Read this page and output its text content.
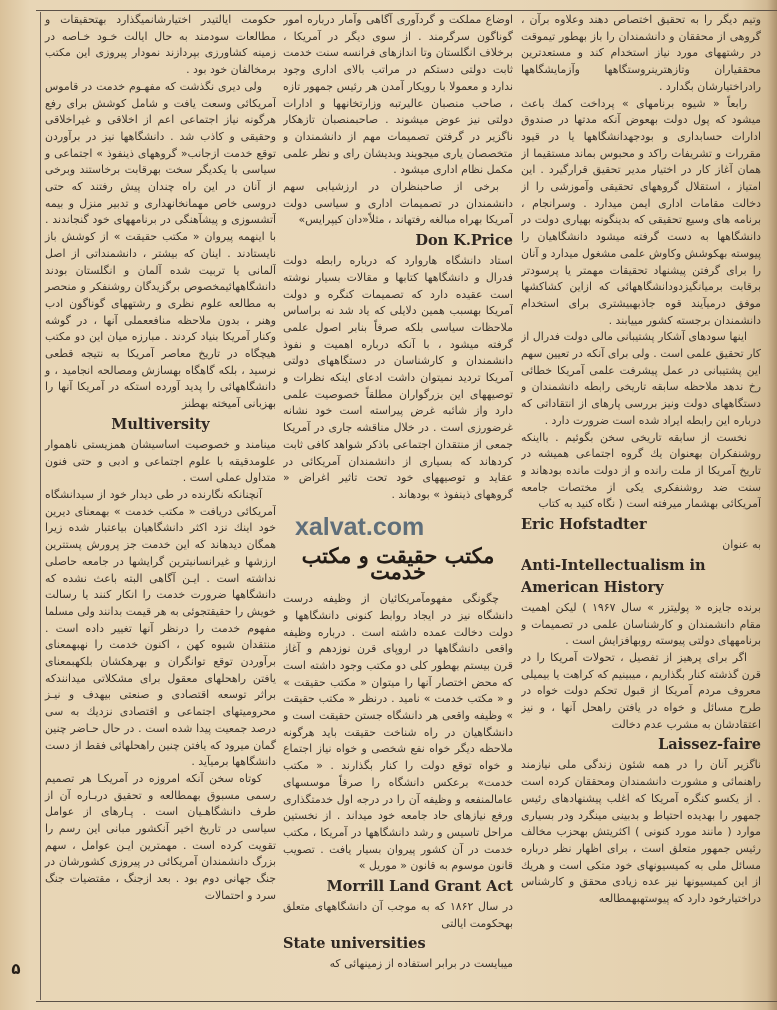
وتیم دیگر را به تحقیق اختصاص دهند وعلاوه برآن ، گروهی از محققان و دانشمندان را باز بهطور تیموقت در رشتههای مورد نیاز استخدام کند و مستعدترین محققیاران وتازهترینروستگاهها وآزمایشگاهها رادراختیارشان بگدارد .

رابعاً « شیوه برنامهای » پرداخت کمك باعث میشود که پول دولت بهعوض آنکه مدتها در صندوق ادارات حسابداری و بودجهدانشگاهها یا در قیود مقررات و تشریفات راکد و محبوس بماند مستقیما از همان آغاز کار در اختیار مدیر تحقیق قرارگیرد . این امتیاز ، استقلال گروههای تحقیقی وآموزشی را از دخالت مقامات اداری ایمن میدارد . وسرانجام ، برنامه های وسیع تحقیقی که بدینگونه بهیاری دولت در دانشگاهها به دست گرفته میشود دانشگاهیان را پیوسته بهکوشش وکاوش علمی مشغول میدارد و آنان را برای گرفتن پیشنهاد تحقیقات مهمتر یا پرسودتر برقابت برمیانگیزدودانشگاههائی که ازاین کشاکشها موفق درمیآیند قوه جاذبهبیشتری برای استخدام دانشمندان برجسته کشور مییابند .

اینها سودهای آشکار پشتیبانی مالی دولت فدرال از کار تحقیق علمی است . ولی برای آنکه در تعیین سهم این پشتیبانی در عمل پیشرفت علمی آمریکا خطائی رخ ندهد ملاحظه سابقه تاریخی رابطه دانشمندان و دستگاههای دولت ونیز بررسی پارهای از انتقاداتی که درباره این رابطه ایراد شده است ضرورت دارد .

نخست از سابقه تاریخی سخن بگوئیم . بااینکه روشنفکران بهعنوان یك گروه اجتماعی همیشه در تاریخ آمریکا از ملت رانده و از دولت مانده بودهاند و سنت ضد روشنفکری یکی از مختصات جامعه آمریکائی بهشمار میرفته است ( نگاه کنید به کتاب

Eric Hofstadter

به عنوان

Anti-Intellectualism in
American History

برنده جایزه « پولیتزر » سال ۱۹۶۷ ) لیکن اهمیت مقام دانشمندان و کارشناسان علمی در تصمیمات و برنامههای دولتی پیوسته روبهافزایش است .

اگر برای پرهیز از تفصیل ، تحولات آمریکا را در قرن گذشته کنار بگذاریم ، میبینیم که کراهت یا بیمیلی معروف مردم آمریکا از قبول تحکم دولت خواه در طرح مسائل و خواه در یافتن راهحل آنها ، و نیز اعتقادشان به مشرب عدم دخالت

Laissez-faire

ناگزیر آنان را در همه شئون زندگی ملی نیازمند راهنمائی و مشورت دانشمندان ومحققان کرده است . از یکسو کنگره آمریکا که اغلب پیشنهادهای رئیس جمهور را بهدیده احتیاط و بدبینی مینگرد ودر بسیاری موارد ( مانند مورد کنونی ) اکثریتش بهحزب مخالف رئیس جمهور متعلق است ، برای اظهار نظر درباره مسائل ملی به کمیسیونهای خود متکی است و هریك از این کمیسیونها نیز عده زیادی محقق و کارشناس دراختیارخود دارد که پیوستهبهمطالعه

اوضاع مملکت و گردآوری آگاهی وآمار درباره امور گوناگون سرگرمند . از سوی دیگر در آمریکا ، برخلاف انگلستان وتا اندازهای فرانسه سنت خدمت ثابت دولتی دستکم در مراتب بالای اداری وجود ندارد و معمولا با رویکار آمدن هر رئیس جمهور تازه ، صاحب منصبان عالیرتبه وزارتخانهها و ادارات دولتی نیز عوض میشوند . صاحبمنصبان تازهکار ناگزیر در گرفتن تصمیمات مهم از دانشمندان و متخصصان یاری میجویند وبدیشان رای و نظر علمی مکمل نظام اداری میشود .

برخی از صاحبنظران در ارزشیابی سهم دانشمندان در تصمیمات اداری و سیاسی دولت آمریکا بهراه مبالغه رفتهاند ، مثلاً«دان کیپرایس»

Don K.Price

استاد دانشگاه هاروارد که درباره رابطه دولت فدرال و دانشگاهها کتابها و مقالات بسیار نوشته است عقیده دارد که تصمیمات کنگره و دولت آمریکا بهسبب همین دلایلی که یاد شد نه براساس ملاحظات سیاسی بلکه صرفاً بنابر اصول علمی گرفته میشود ، با آنکه درباره اهمیت و نفوذ دانشمندان و کارشناسان در دستگاههای دولتی آمریکا تردید نمیتوان داشت ادعای اینکه نظرات و توصیههای این بزرگواران مطلقاً خصوصیت علمی دارد واز شائبه غرض پیراسته است خود نشانه غرضورزی است . در خلال مناقشه جاری در آمریکا جمعی از منتقدان اجتماعی باذکر شواهد کافی ثابت کردهاند که بسیاری از دانشمندان آمریکائی در عقاید و توصیههای خود تحت تاثیر اغراض « گروههای ذینفوذ » بودهاند .

xalvat.com
مکتب حقیقت و مکتب خدمت

چگونگی مفهومآمریکائیان از وظیفه درست دانشگاه نیز در ایجاد روابط کنونی دانشگاهها و دولت دخالت عمده داشته است . درباره وظیفه واقعی دانشگاهها در اروپای قرن نوزدهم و آغاز قرن بیستم بهطور کلی دو مکتب وجود داشته است که محض اختصار آنها را میتوان « مکتب حقیقت » و « مکتب خدمت » نامید . درنظر « مکتب حقیقت » وظیفه واقعی هر دانشگاه جستن حقیقت است و دانشگاهیان در راه شناخت حقیقت باید هرگونه ملاحظه دیگر خواه نفع شخصی و خواه نیاز اجتماع و خواه توقع دولت را کنار بگذارند . « مکتب خدمت» برعکس دانشگاه را صرفاً موسسهای عامالمنفعه و وظیفه آن را در درجه اول خدمتگذاری ورفع نیازهای حاد جامعه خود میداند . از نخستین مراحل تاسیس و رشد دانشگاهها در آمریکا ، مکتب خدمت در آن کشور پیروان بسیار یافت . تصویب قانون موسوم به قانون « موریل »

Morrill Land Grant Act

در سال ۱۸۶۲ که به موجب آن دانشگاههای متعلق بهحکومت ایالتی

State universities

میبایست در برابر استفاده از زمینهائی که

حکومت ایالتیدر اختیارشانمیگذارد بهتحقیقات و مطالعات سودمند به حال ایالت خـود خـاصه در زمینه کشاورزی بپردازند نمودار پیروزی این مکتب برمخالفان خود بود .

ولی دیری نگذشت که مفهـوم خدمت در قاموس آمریکائی وسعت یافت و شامل کوشش برای رفع هرگونه نیاز اجتماعی اعم از اخلاقی و غیراخلاقی وحقیقی و کاذب شد . دانشگاهها نیز در برآوردن توقع خدمت ازجانب« گروههای ذینفوذ » اجتماعی و سیاسی با یکدیگر سخت بهرقابت برخاستند وبرخی از آنان در این راه چندان پیش رفتند که حتی دروسی خاص مهمانخانهداری و تدبیر منزل و بیمه آتشسوزی و پیشآهنگی در برنامههای خود گنجاندند . با اینهمه پیروان « مکتب حقیقت » از کوشش باز نایستادند . اینان که بیشتر ، دانشمنداتی از اصل آلمانی یا تربیت شده آلمان و انگلستان بودند دانشگاههائیمخصوص برگزیدگان روشنفکر و منحصر به مطالعه علوم نظری و رشتههای گوناگون ادب وهنر ، بدون ملاحظه منافععملی آنها ، در گوشه وکنار آمریکا بنیاد کردند . مبارزه میان این دو مکتب هیچگاه در تاریخ معاصر آمریکا به نتیجه قطعی نرسید ، بلکه گاهگاه بهسازش ومصالحه انجامید ، و دانشگاههائی را پدید آورده استکه در آمریکا آنها را بهزبانی آمیخته بهطنز

Multiversity

مینامند و خصوصیت اساسیشان همزیستی ناهموار علومدقیقه با علوم اجتماعی و ادبی و حتی فنون متداول عملی است .

آنچنانکه نگارنده در طی دیدار خود از سیدانشگاه آمریکائی دریافت « مکتب خدمت » بهمعنای دیرین خود اینك نزد اکثر دانشگاهیان بیاعتبار شده زیرا همگان دیدهاند که این خدمت جز پرورش پستترین ارزشها و غیرانسانیترین گرایشها در جامعه حاصلی نداشته است . ایـن آگاهی البته باعث نشده که دانشگاهها ضرورت خدمت را انکار کنند یا رسالت خویش را حقیقتجوئی به هر قیمت بدانند ولی مسلما مفهوم خدمت را درنظر آنها تغییر داده است . منتقدان شیوه کهن ، اکنون خدمت را نهبهمعنای برآوردن توقع توانگران و بهرهکشان بلکهبمعنای یافتن راهحلهای معقول برای مشکلاتی میدانندکه براثر توسعه اقتصادی و صنعتی بیهدف و نیـز محرومیتهای اجتماعی و اقتصادی نزدیك به سی درصد جمعیت پیدا شده است . در حال حـاضر چنین گمان میرود که یافتن چنین راهحلهائی فقط از دست دانشگاهها برمیآید .

کوتاه سخن آنکه امروزه در آمریکـا هر تصمیم رسمی مسبوق بهمطالعه و تحقیق دربـاره آن از طرف دانشگاهـیان است . پـارهای از عوامل سیاسی در تاریخ اخیر آنکشور مبانی این رسم را تقویت کرده است . مهمترین ایـن عوامل ، سهم بزرگ دانشمندان آمریکائی در پیروزی کشورشان در جنگ جهانی دوم بود . بعد ازجنگ ، مقتضیات جنگ سرد و احتمالات

۵
